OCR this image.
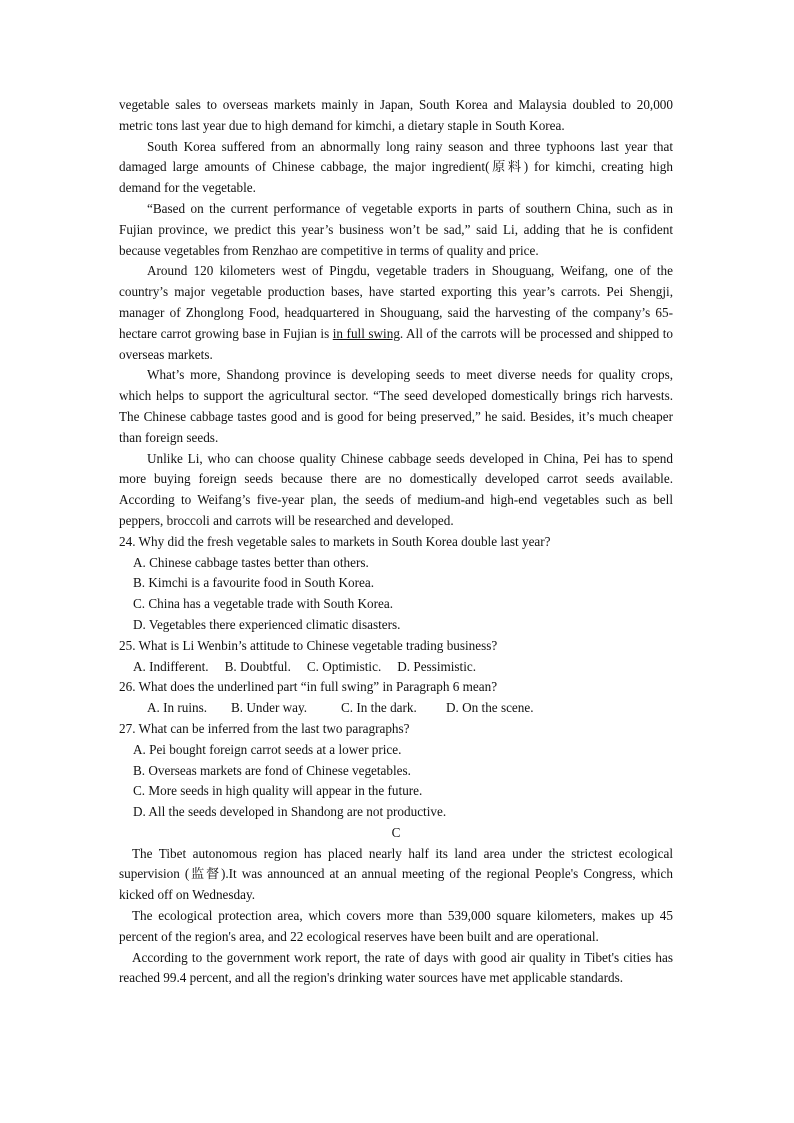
vegetable sales to overseas markets mainly in Japan, South Korea and Malaysia doubled to 20,000 metric tons last year due to high demand for kimchi, a dietary staple in South Korea.

South Korea suffered from an abnormally long rainy season and three typhoons last year that damaged large amounts of Chinese cabbage, the major ingredient(原料) for kimchi, creating high demand for the vegetable.

“Based on the current performance of vegetable exports in parts of southern China, such as in Fujian province, we predict this year’s business won’t be sad,” said Li, adding that he is confident because vegetables from Renzhao are competitive in terms of quality and price.

Around 120 kilometers west of Pingdu, vegetable traders in Shouguang, Weifang, one of the country’s major vegetable production bases, have started exporting this year’s carrots. Pei Shengji, manager of Zhonglong Food, headquartered in Shouguang, said the harvesting of the company’s 65-hectare carrot growing base in Fujian is in full swing. All of the carrots will be processed and shipped to overseas markets.

What’s more, Shandong province is developing seeds to meet diverse needs for quality crops, which helps to support the agricultural sector. “The seed developed domestically brings rich harvests. The Chinese cabbage tastes good and is good for being preserved,” he said. Besides, it’s much cheaper than foreign seeds.

Unlike Li, who can choose quality Chinese cabbage seeds developed in China, Pei has to spend more buying foreign seeds because there are no domestically developed carrot seeds available. According to Weifang’s five-year plan, the seeds of medium-and high-end vegetables such as bell peppers, broccoli and carrots will be researched and developed.

24. Why did the fresh vegetable sales to markets in South Korea double last year?

A. Chinese cabbage tastes better than others.

B. Kimchi is a favourite food in South Korea.

C. China has a vegetable trade with South Korea.

D. Vegetables there experienced climatic disasters.

25. What is Li Wenbin’s attitude to Chinese vegetable trading business?

A. Indifferent. B. Doubtful. C. Optimistic. D. Pessimistic.

26. What does the underlined part “in full swing” in Paragraph 6 mean?

A. In ruins. B. Under way.	C. In the dark. D. On the scene.

27. What can be inferred from the last two paragraphs?

A. Pei bought foreign carrot seeds at a lower price.

B. Overseas markets are fond of Chinese vegetables.

C. More seeds in high quality will appear in the future.

D. All the seeds developed in Shandong are not productive.

C

The Tibet autonomous region has placed nearly half its land area under the strictest ecological supervision (监督).It was announced at an annual meeting of the regional People's Congress, which kicked off on Wednesday.

The ecological protection area, which covers more than 539,000 square kilometers, makes up 45 percent of the region's area, and 22 ecological reserves have been built and are operational.

According to the government work report, the rate of days with good air quality in Tibet's cities has reached 99.4 percent, and all the region's drinking water sources have met applicable standards.
